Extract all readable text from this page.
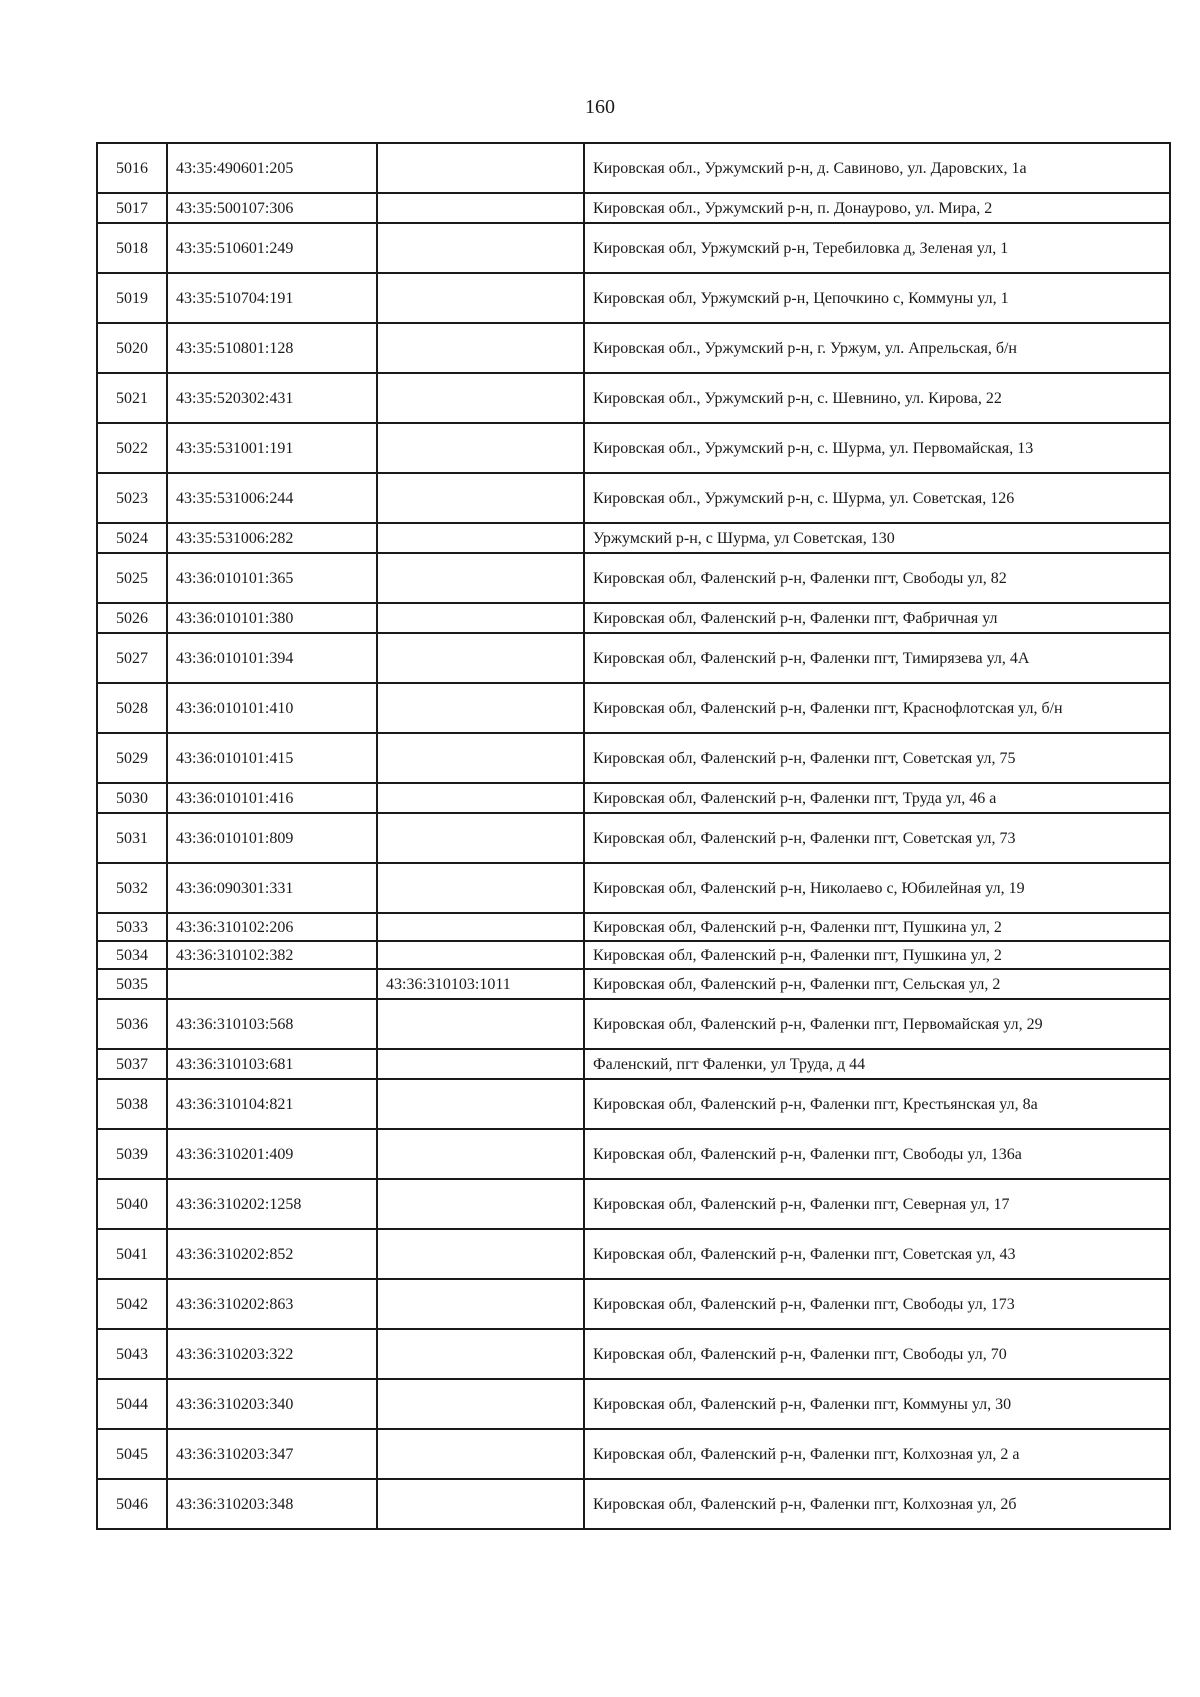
160
5016	43:35:490601:205		Кировская обл., Уржумский р-н, д. Савиново, ул. Даровских, 1а
5017	43:35:500107:306		Кировская обл., Уржумский р-н, п. Донаурово, ул. Мира, 2
5018	43:35:510601:249		Кировская обл, Уржумский р-н, Теребиловка д, Зеленая ул, 1
5019	43:35:510704:191		Кировская обл, Уржумский р-н, Цепочкино с, Коммуны ул, 1
5020	43:35:510801:128		Кировская обл., Уржумский р-н, г. Уржум, ул. Апрельская, б/н
5021	43:35:520302:431		Кировская обл., Уржумский р-н, с. Шевнино, ул. Кирова, 22
5022	43:35:531001:191		Кировская обл., Уржумский р-н, с. Шурма, ул. Первомайская, 13
5023	43:35:531006:244		Кировская обл., Уржумский р-н, с. Шурма, ул. Советская, 126
5024	43:35:531006:282		Уржумский р-н, с Шурма, ул Советская, 130
5025	43:36:010101:365		Кировская обл, Фаленский р-н, Фаленки пгт, Свободы ул, 82
5026	43:36:010101:380		Кировская обл, Фаленский р-н, Фаленки пгт, Фабричная ул
5027	43:36:010101:394		Кировская обл, Фаленский р-н, Фаленки пгт, Тимирязева ул, 4А
5028	43:36:010101:410		Кировская обл, Фаленский р-н, Фаленки пгт, Краснофлотская ул, б/н
5029	43:36:010101:415		Кировская обл, Фаленский р-н, Фаленки пгт, Советская ул, 75
5030	43:36:010101:416		Кировская обл, Фаленский р-н, Фаленки пгт, Труда ул, 46 а
5031	43:36:010101:809		Кировская обл, Фаленский р-н, Фаленки пгт, Советская ул, 73
5032	43:36:090301:331		Кировская обл, Фаленский р-н, Николаево с, Юбилейная ул, 19
5033	43:36:310102:206		Кировская обл, Фаленский р-н, Фаленки пгт, Пушкина ул, 2
5034	43:36:310102:382		Кировская обл, Фаленский р-н, Фаленки пгт, Пушкина ул, 2
5035		43:36:310103:1011	Кировская обл, Фаленский р-н, Фаленки пгт, Сельская ул, 2
5036	43:36:310103:568		Кировская обл, Фаленский р-н, Фаленки пгт, Первомайская ул, 29
5037	43:36:310103:681		Фаленский, пгт Фаленки, ул Труда, д 44
5038	43:36:310104:821		Кировская обл, Фаленский р-н, Фаленки пгт, Крестьянская ул, 8а
5039	43:36:310201:409		Кировская обл, Фаленский р-н, Фаленки пгт, Свободы ул, 136а
5040	43:36:310202:1258		Кировская обл, Фаленский р-н, Фаленки пгт, Северная ул, 17
5041	43:36:310202:852		Кировская обл, Фаленский р-н, Фаленки пгт, Советская ул, 43
5042	43:36:310202:863		Кировская обл, Фаленский р-н, Фаленки пгт, Свободы ул, 173
5043	43:36:310203:322		Кировская обл, Фаленский р-н, Фаленки пгт, Свободы ул, 70
5044	43:36:310203:340		Кировская обл, Фаленский р-н, Фаленки пгт, Коммуны ул, 30
5045	43:36:310203:347		Кировская обл, Фаленский р-н, Фаленки пгт, Колхозная ул, 2 а
5046	43:36:310203:348		Кировская обл, Фаленский р-н, Фаленки пгт, Колхозная ул, 2б
